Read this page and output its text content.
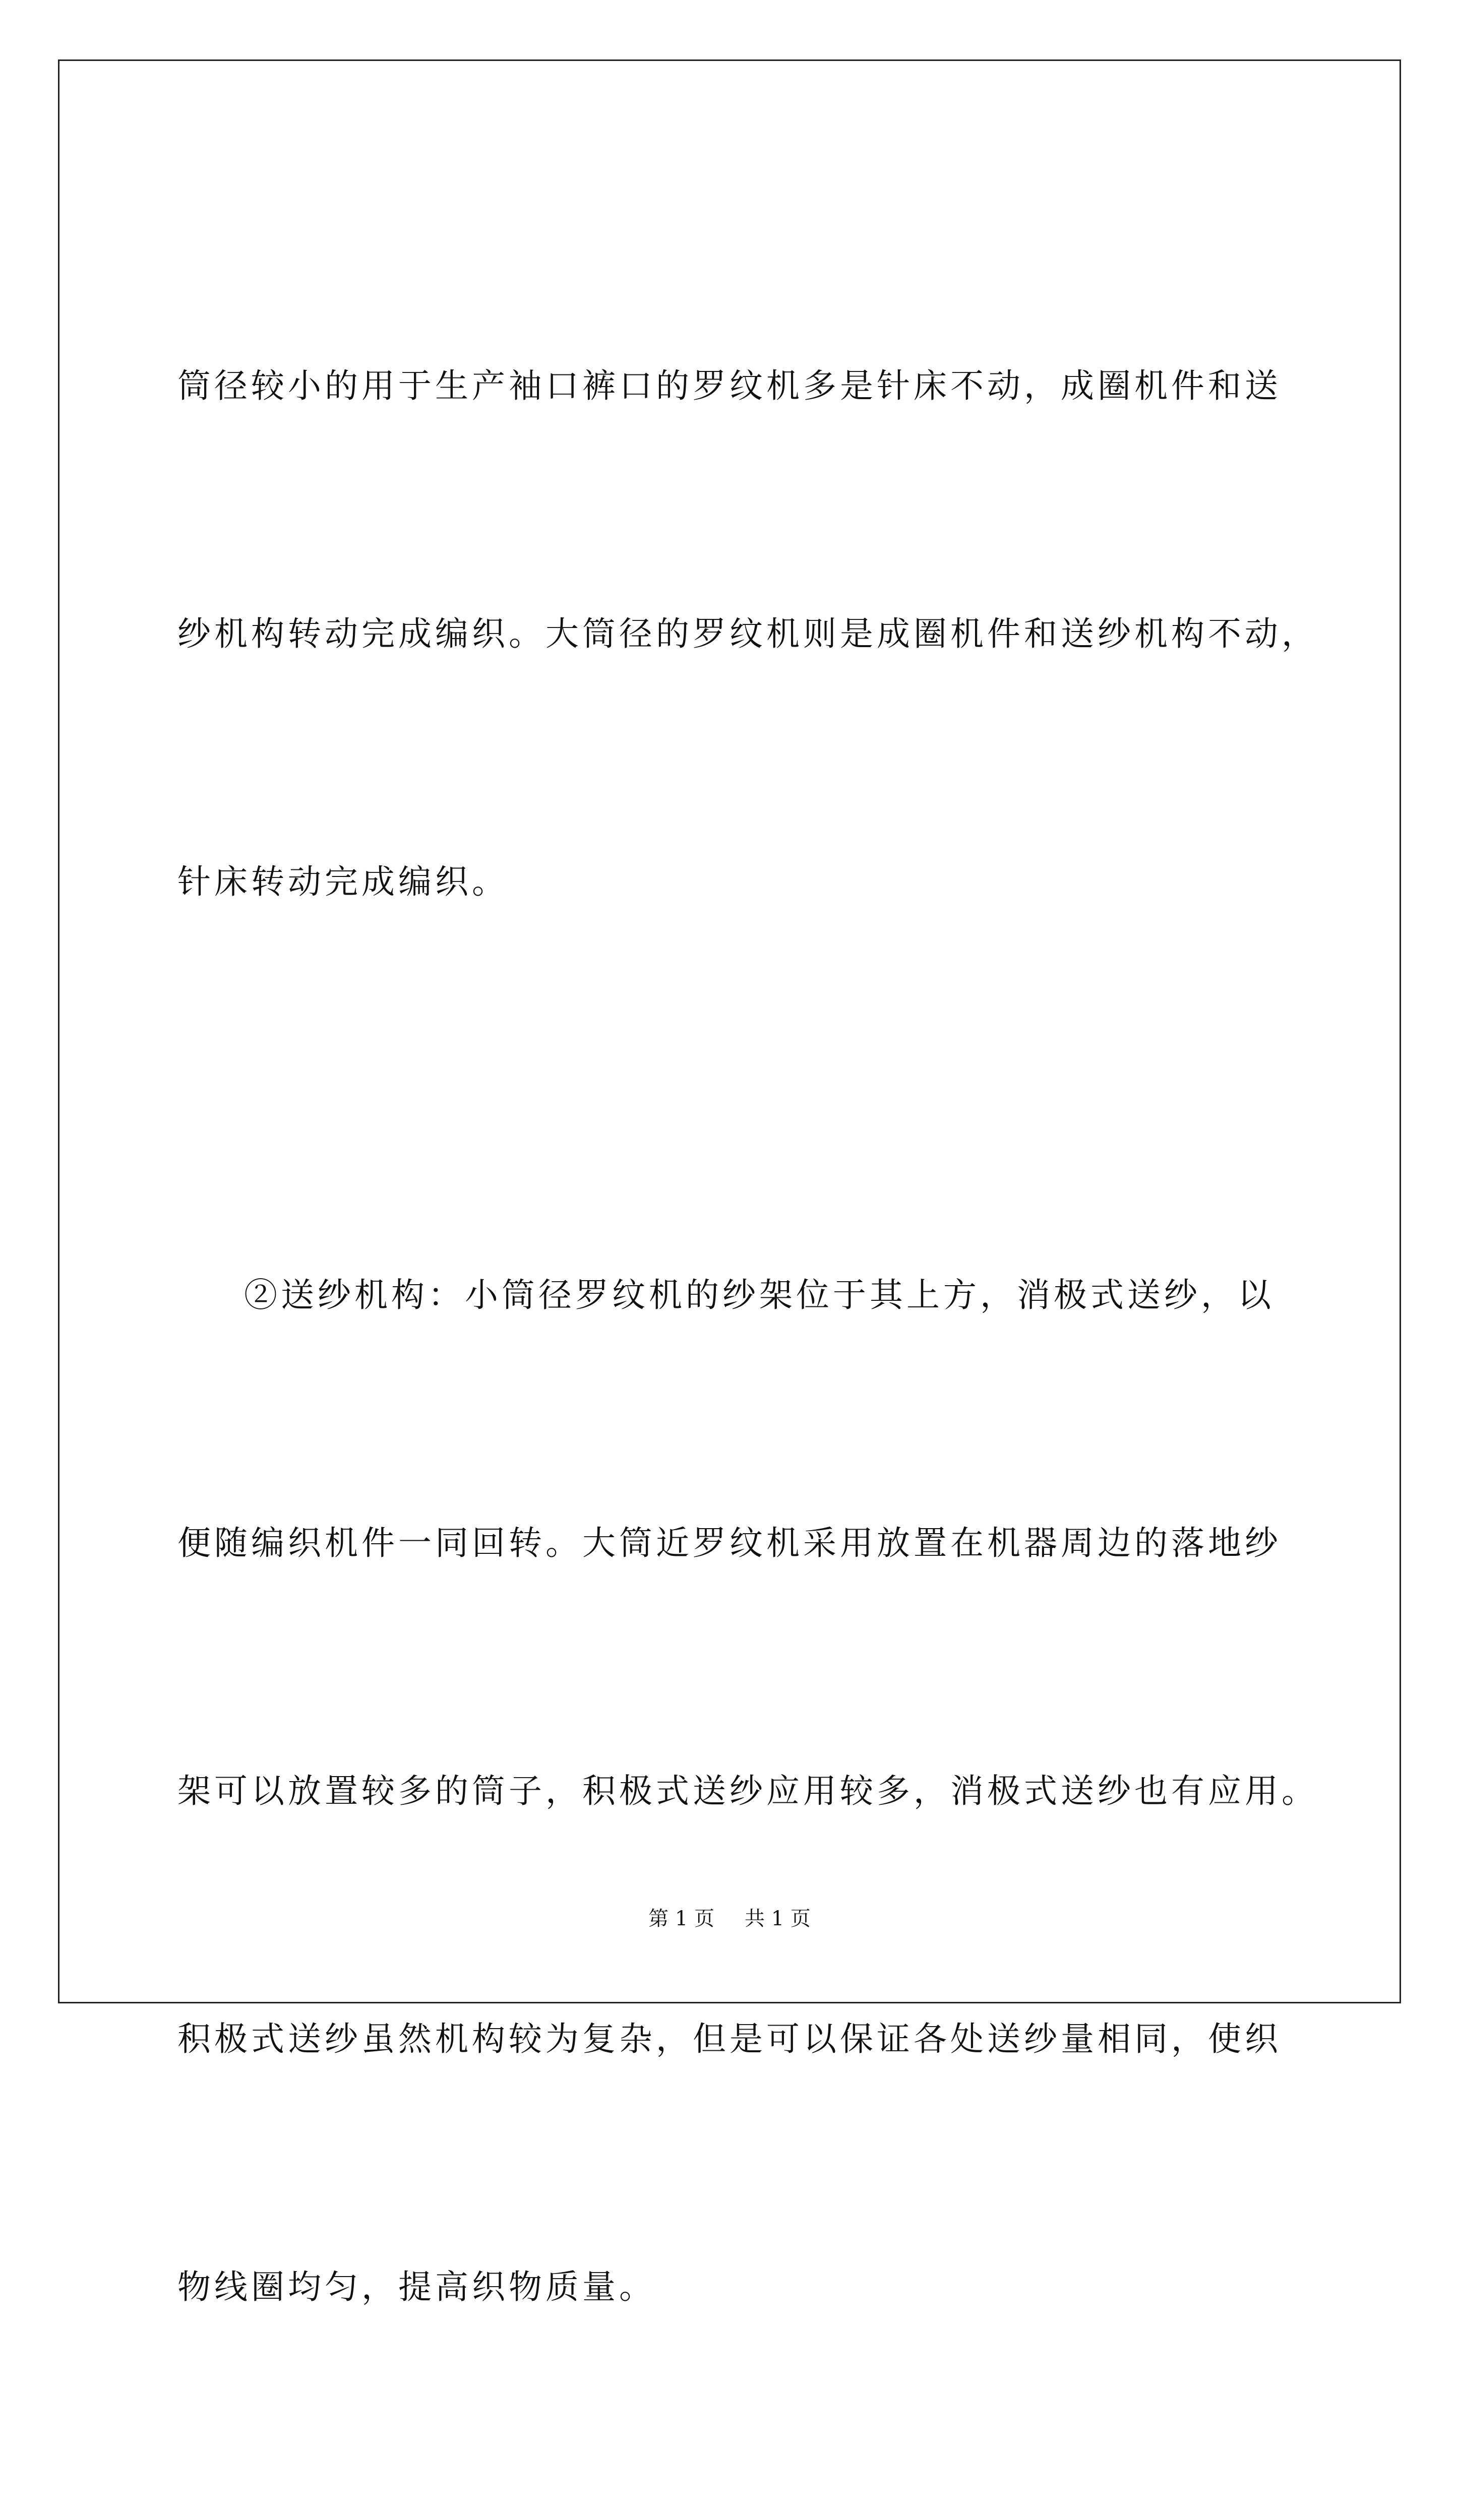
筒径较小的用于生产袖口裤口的罗纹机多是针床不动，成圈机件和送

纱机构转动完成编织。大筒径的罗纹机则是成圈机件和送纱机构不动，

针床转动完成编织。

②送纱机构：小筒径罗纹机的纱架位于其上方，消极式送纱，以

便随编织机件一同回转。大筒近罗纹机采用放置在机器周边的落地纱

架可以放置较多的筒子，积极式送纱应用较多，消极式送纱也有应用。

积极式送纱虽然机构较为复杂，但是可以保证各处送纱量相同，使织

物线圈均匀，提高织物质量。

第 1 页 共 1 页
